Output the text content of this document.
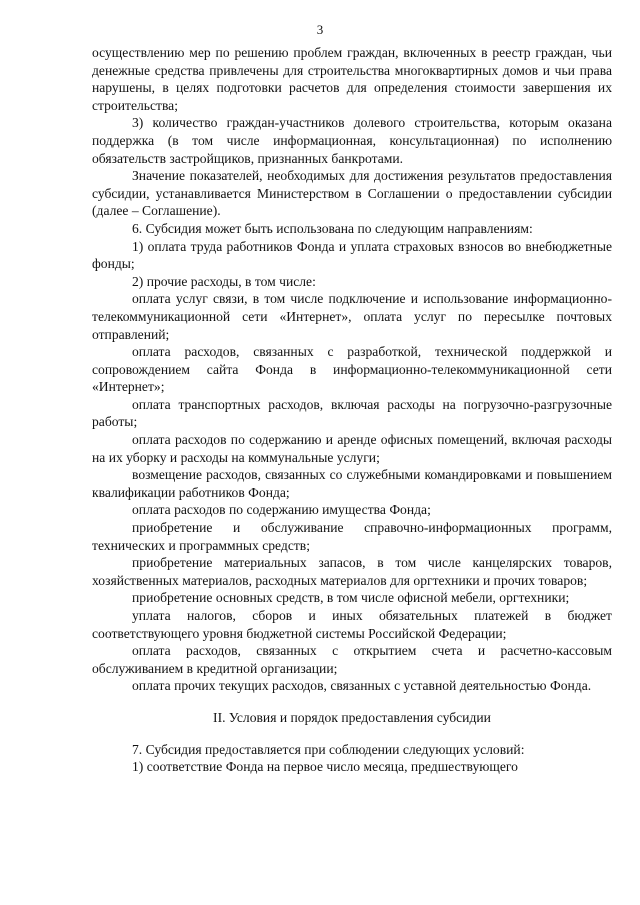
3

осуществлению мер по решению проблем граждан, включенных в реестр граждан, чьи денежные средства привлечены для строительства многоквартирных домов и чьи права нарушены, в целях подготовки расчетов для определения стоимости завершения их строительства;

3) количество граждан-участников долевого строительства, которым оказана поддержка (в том числе информационная, консультационная) по исполнению обязательств застройщиков, признанных банкротами.

Значение показателей, необходимых для достижения результатов предоставления субсидии, устанавливается Министерством в Соглашении о предоставлении субсидии (далее – Соглашение).

6. Субсидия может быть использована по следующим направлениям:

1) оплата труда работников Фонда и уплата страховых взносов во внебюджетные фонды;

2) прочие расходы, в том числе:

оплата услуг связи, в том числе подключение и использование информационно-телекоммуникационной сети «Интернет», оплата услуг по пересылке почтовых отправлений;

оплата расходов, связанных с разработкой, технической поддержкой и сопровождением сайта Фонда в информационно-телекоммуникационной сети «Интернет»;

оплата транспортных расходов, включая расходы на погрузочно-разгрузочные работы;

оплата расходов по содержанию и аренде офисных помещений, включая расходы на их уборку и расходы на коммунальные услуги;

возмещение расходов, связанных со служебными командировками и повышением квалификации работников Фонда;

оплата расходов по содержанию имущества Фонда;

приобретение и обслуживание справочно-информационных программ, технических и программных средств;

приобретение материальных запасов, в том числе канцелярских товаров, хозяйственных материалов, расходных материалов для оргтехники и прочих товаров;

приобретение основных средств, в том числе офисной мебели, оргтехники;

уплата налогов, сборов и иных обязательных платежей в бюджет соответствующего уровня бюджетной системы Российской Федерации;

оплата расходов, связанных с открытием счета и расчетно-кассовым обслуживанием в кредитной организации;

оплата прочих текущих расходов, связанных с уставной деятельностью Фонда.

II. Условия и порядок предоставления субсидии

7. Субсидия предоставляется при соблюдении следующих условий:

1) соответствие Фонда на первое число месяца, предшествующего
